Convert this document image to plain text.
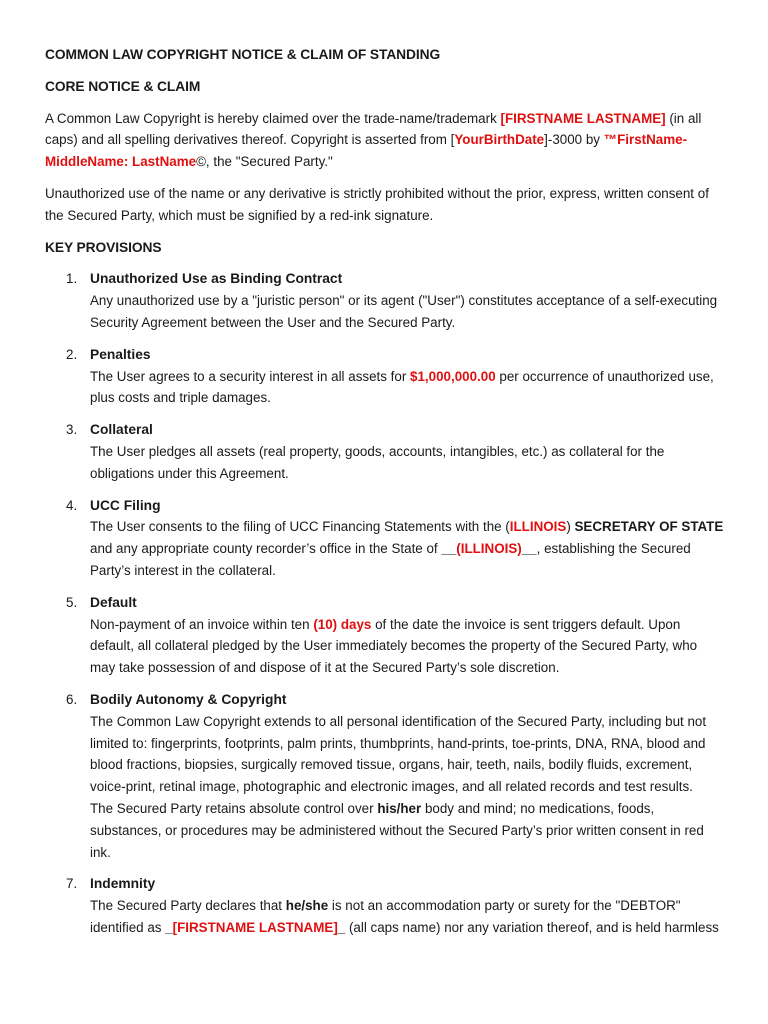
COMMON LAW COPYRIGHT NOTICE & CLAIM OF STANDING

CORE NOTICE & CLAIM

A Common Law Copyright is hereby claimed over the trade-name/trademark [FIRSTNAME LASTNAME] (in all caps) and all spelling derivatives thereof. Copyright is asserted from [YourBirthDate]-3000 by ™FirstName-MiddleName: LastName©, the "Secured Party."

Unauthorized use of the name or any derivative is strictly prohibited without the prior, express, written consent of the Secured Party, which must be signified by a red-ink signature.

KEY PROVISIONS

1. Unauthorized Use as Binding Contract
Any unauthorized use by a "juristic person" or its agent ("User") constitutes acceptance of a self-executing Security Agreement between the User and the Secured Party.
2. Penalties
The User agrees to a security interest in all assets for $1,000,000.00 per occurrence of unauthorized use, plus costs and triple damages.
3. Collateral
The User pledges all assets (real property, goods, accounts, intangibles, etc.) as collateral for the obligations under this Agreement.
4. UCC Filing
The User consents to the filing of UCC Financing Statements with the (ILLINOIS) SECRETARY OF STATE and any appropriate county recorder’s office in the State of __(ILLINOIS)__, establishing the Secured Party’s interest in the collateral.
5. Default
Non-payment of an invoice within ten (10) days of the date the invoice is sent triggers default. Upon default, all collateral pledged by the User immediately becomes the property of the Secured Party, who may take possession of and dispose of it at the Secured Party’s sole discretion.
6. Bodily Autonomy & Copyright
The Common Law Copyright extends to all personal identification of the Secured Party, including but not limited to: fingerprints, footprints, palm prints, thumbprints, hand-prints, toe-prints, DNA, RNA, blood and blood fractions, biopsies, surgically removed tissue, organs, hair, teeth, nails, bodily fluids, excrement, voice-print, retinal image, photographic and electronic images, and all related records and test results.
The Secured Party retains absolute control over his/her body and mind; no medications, foods, substances, or procedures may be administered without the Secured Party’s prior written consent in red ink.
7. Indemnity
The Secured Party declares that he/she is not an accommodation party or surety for the "DEBTOR" identified as _[FIRSTNAME LASTNAME]_ (all caps name) nor any variation thereof, and is held harmless
